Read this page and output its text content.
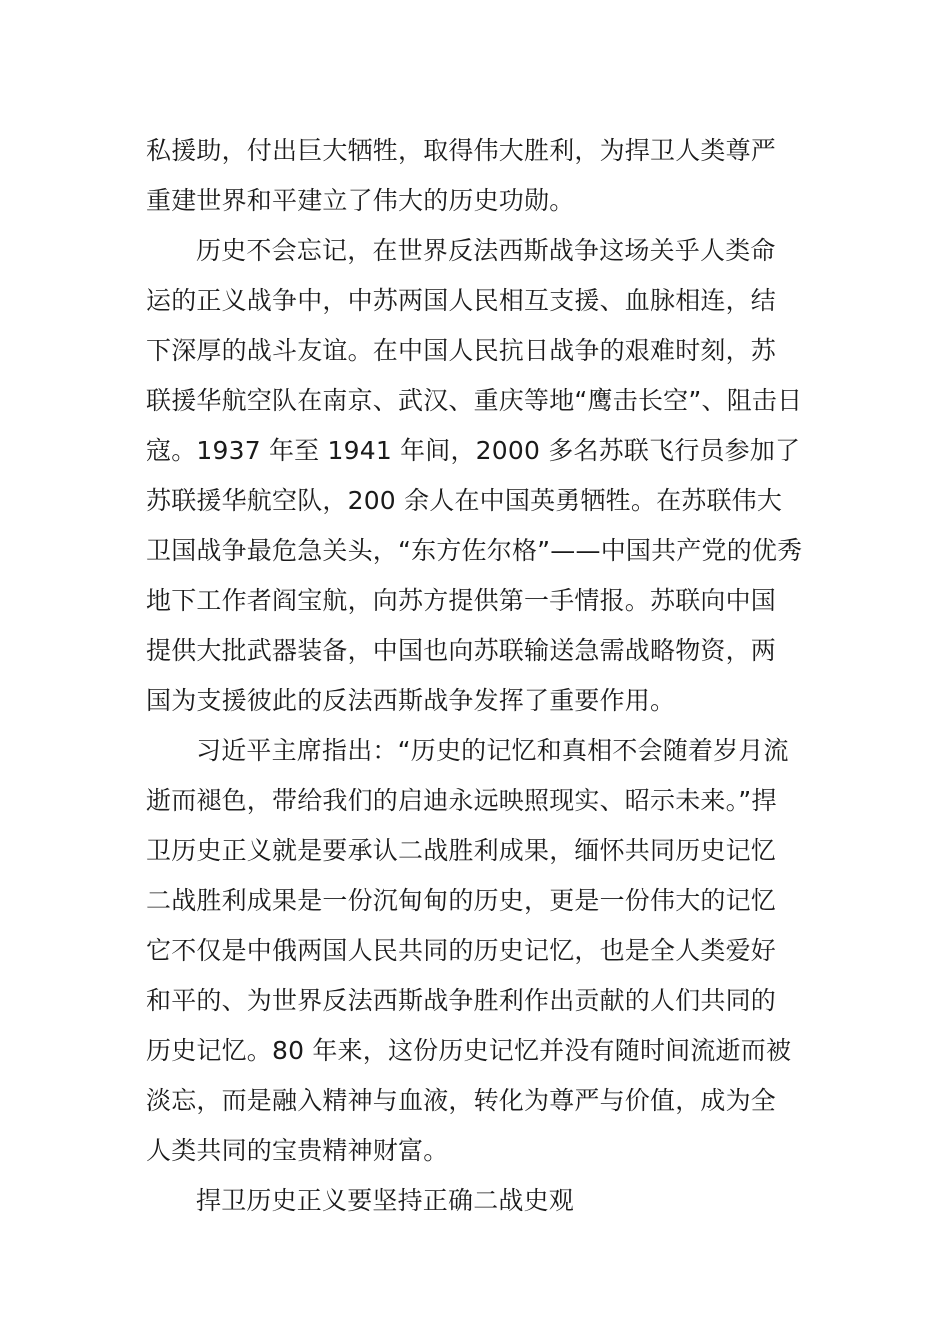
私援助，付出巨大牺牲，取得伟大胜利，为捍卫人类尊严
重建世界和平建立了伟大的历史功勋。
历史不会忘记，在世界反法西斯战争这场关乎人类命
运的正义战争中，中苏两国人民相互支援、血脉相连，结
下深厚的战斗友谊。在中国人民抗日战争的艰难时刻，苏
联援华航空队在南京、武汉、重庆等地“鹰击长空”、阻击日
寇。1937 年至 1941 年间，2000 多名苏联飞行员参加了
苏联援华航空队，200 余人在中国英勇牺牲。在苏联伟大
卫国战争最危急关头，“东方佐尔格”——中国共产党的优秀
地下工作者阎宝航，向苏方提供第一手情报。苏联向中国
提供大批武器装备，中国也向苏联输送急需战略物资，两
国为支援彼此的反法西斯战争发挥了重要作用。
习近平主席指出：“历史的记忆和真相不会随着岁月流
逝而褪色，带给我们的启迪永远映照现实、昭示未来。”捍
卫历史正义就是要承认二战胜利成果，缅怀共同历史记忆
二战胜利成果是一份沉甸甸的历史，更是一份伟大的记忆
它不仅是中俄两国人民共同的历史记忆，也是全人类爱好
和平的、为世界反法西斯战争胜利作出贡献的人们共同的
历史记忆。80 年来，这份历史记忆并没有随时间流逝而被
淡忘，而是融入精神与血液，转化为尊严与价值，成为全
人类共同的宝贵精神财富。
捍卫历史正义要坚持正确二战史观
